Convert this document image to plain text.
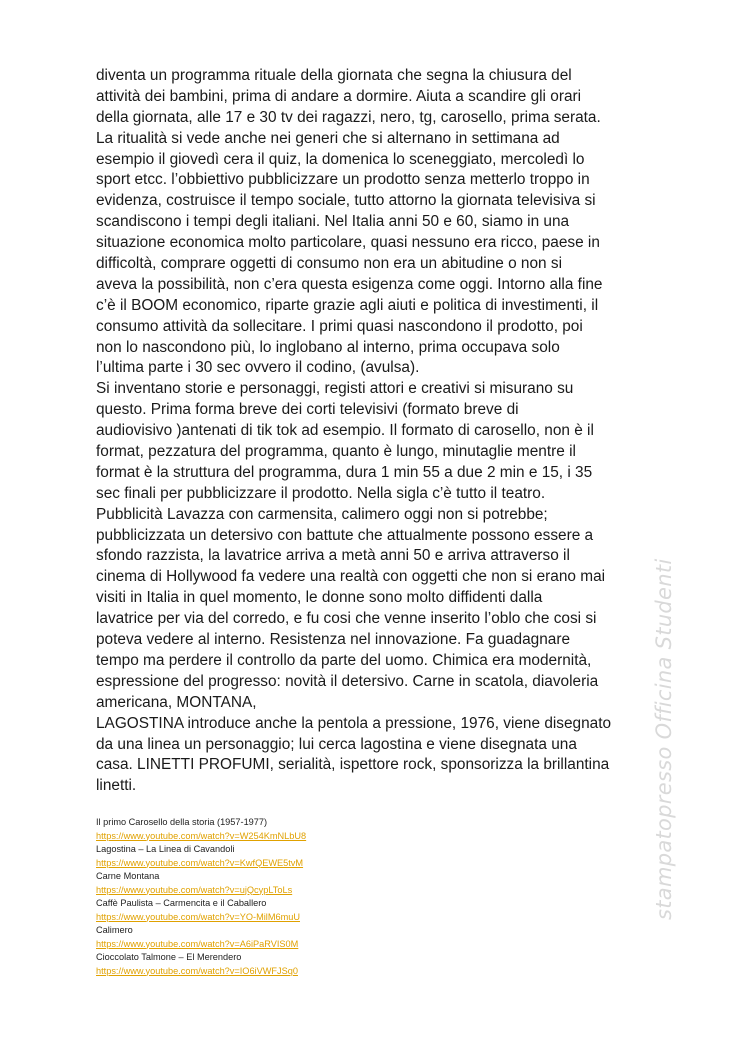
diventa un programma rituale della giornata che segna la chiusura del
attività dei bambini, prima di andare a dormire. Aiuta a scandire gli orari
della giornata, alle 17 e 30 tv dei ragazzi, nero, tg, carosello, prima serata.
La ritualità si vede anche nei generi che si alternano in settimana ad
esempio il giovedì cera il quiz, la domenica lo sceneggiato, mercoledì lo
sport etcc. l’obbiettivo pubblicizzare un prodotto senza metterlo troppo in
evidenza, costruisce il tempo sociale, tutto attorno la giornata televisiva si
scandiscono i tempi degli italiani. Nel Italia anni 50 e 60, siamo in una
situazione economica molto particolare, quasi nessuno era ricco, paese in
difficoltà, comprare oggetti di consumo non era un abitudine o non si
aveva la possibilità, non c’era questa esigenza come oggi. Intorno alla fine
c’è il BOOM economico, riparte grazie agli aiuti e politica di investimenti, il
consumo attività da sollecitare. I primi quasi nascondono il prodotto, poi
non lo nascondono più, lo inglobano al interno, prima occupava solo
l’ultima parte i 30 sec ovvero il codino, (avulsa).
Si inventano storie e personaggi, registi attori e creativi si misurano su
questo. Prima forma breve dei corti televisivi (formato breve di
audiovisivo )antenati di tik tok ad esempio. Il formato di carosello, non è il
format, pezzatura del programma, quanto è lungo, minutaglie mentre il
format è la struttura del programma, dura 1 min 55 a due 2 min e 15, i 35
sec finali per pubblicizzare il prodotto. Nella sigla c’è tutto il teatro.
Pubblicità Lavazza con carmensita, calimero oggi non si potrebbe;
pubblicizzata un detersivo con battute che attualmente possono essere a
sfondo razzista, la lavatrice arriva a metà anni 50 e arriva attraverso il
cinema di Hollywood fa vedere una realtà con oggetti che non si erano mai
visiti in Italia in quel momento, le donne sono molto diffidenti dalla
lavatrice per via del corredo, e fu cosi che venne inserito l’oblo che cosi si
poteva vedere al interno. Resistenza nel innovazione. Fa guadagnare
tempo ma perdere il controllo da parte del uomo. Chimica era modernità,
espressione del progresso: novità il detersivo. Carne in scatola, diavoleria
americana, MONTANA,
LAGOSTINA introduce anche la pentola a pressione, 1976, viene disegnato
da una linea un personaggio; lui cerca lagostina e viene disegnata una
casa. LINETTI PROFUMI, serialità, ispettore rock, sponsorizza la brillantina
linetti.
Il primo Carosello della storia (1957-1977)
https://www.youtube.com/watch?v=W254KmNLbU8
Lagostina – La Linea di Cavandoli
https://www.youtube.com/watch?v=KwfQEWE5tvM
Carne Montana
https://www.youtube.com/watch?v=ujQcypLToLs
Caffè Paulista – Carmencita e il Caballero
https://www.youtube.com/watch?v=YO-MilM6muU
Calimero
https://www.youtube.com/watch?v=A6iPaRVIS0M
Cioccolato Talmone – El Merendero
https://www.youtube.com/watch?v=IO6iVWFJSq0
stampatopresso Officina Studenti
